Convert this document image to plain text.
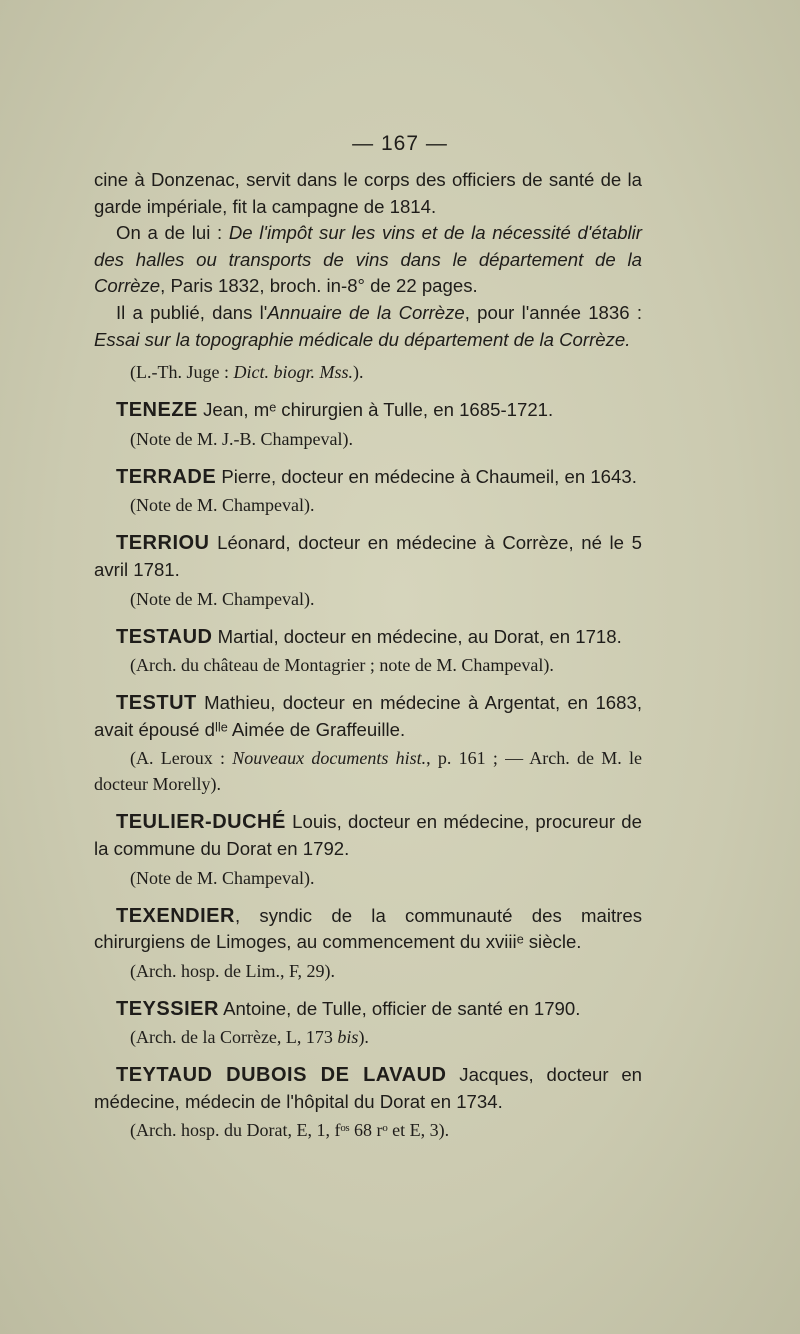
— 167 —

cine à Donzenac, servit dans le corps des officiers de santé de la garde impériale, fit la campagne de 1814.

On a de lui : De l'impôt sur les vins et de la nécessité d'établir des halles ou transports de vins dans le département de la Corrèze, Paris 1832, broch. in-8° de 22 pages.

Il a publié, dans l'Annuaire de la Corrèze, pour l'année 1836 : Essai sur la topographie médicale du département de la Corrèze.

(L.-Th. Juge : Dict. biogr. Mss.).

TENEZE Jean, mᵉ chirurgien à Tulle, en 1685-1721.

(Note de M. J.-B. Champeval).

TERRADE Pierre, docteur en médecine à Chaumeil, en 1643.

(Note de M. Champeval).

TERRIOU Léonard, docteur en médecine à Corrèze, né le 5 avril 1781.

(Note de M. Champeval).

TESTAUD Martial, docteur en médecine, au Dorat, en 1718.

(Arch. du château de Montagrier ; note de M. Champeval).

TESTUT Mathieu, docteur en médecine à Argentat, en 1683, avait épousé dˡˡᵉ Aimée de Graffeuille.

(A. Leroux : Nouveaux documents hist., p. 161 ; — Arch. de M. le docteur Morelly).

TEULIER-DUCHÉ Louis, docteur en médecine, procureur de la commune du Dorat en 1792.

(Note de M. Champeval).

TEXENDIER, syndic de la communauté des maitres chirurgiens de Limoges, au commencement du xviiiᵉ siècle.

(Arch. hosp. de Lim., F, 29).

TEYSSIER Antoine, de Tulle, officier de santé en 1790.

(Arch. de la Corrèze, L, 173 bis).

TEYTAUD DUBOIS DE LAVAUD Jacques, docteur en médecine, médecin de l'hôpital du Dorat en 1734.

(Arch. hosp. du Dorat, E, 1, fᵒˢ 68 rᵒ et E, 3).
